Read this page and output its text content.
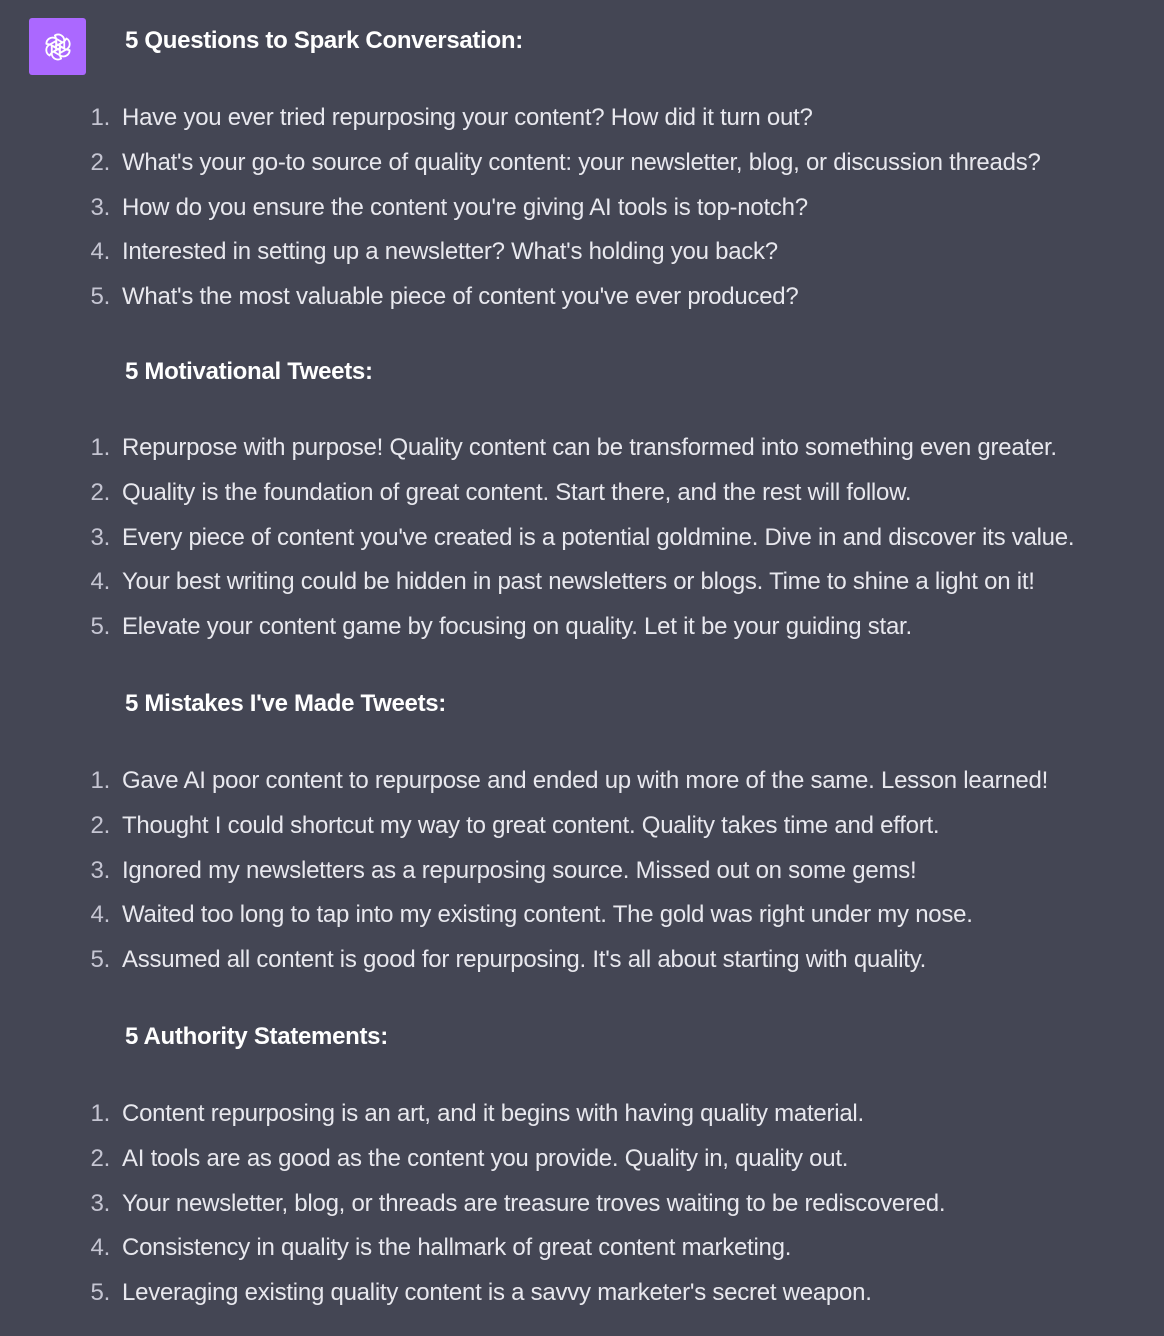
5 Questions to Spark Conversation:
1. Have you ever tried repurposing your content? How did it turn out?
2. What's your go-to source of quality content: your newsletter, blog, or discussion threads?
3. How do you ensure the content you're giving AI tools is top-notch?
4. Interested in setting up a newsletter? What's holding you back?
5. What's the most valuable piece of content you've ever produced?
5 Motivational Tweets:
1. Repurpose with purpose! Quality content can be transformed into something even greater.
2. Quality is the foundation of great content. Start there, and the rest will follow.
3. Every piece of content you've created is a potential goldmine. Dive in and discover its value.
4. Your best writing could be hidden in past newsletters or blogs. Time to shine a light on it!
5. Elevate your content game by focusing on quality. Let it be your guiding star.
5 Mistakes I've Made Tweets:
1. Gave AI poor content to repurpose and ended up with more of the same. Lesson learned!
2. Thought I could shortcut my way to great content. Quality takes time and effort.
3. Ignored my newsletters as a repurposing source. Missed out on some gems!
4. Waited too long to tap into my existing content. The gold was right under my nose.
5. Assumed all content is good for repurposing. It's all about starting with quality.
5 Authority Statements:
1. Content repurposing is an art, and it begins with having quality material.
2. AI tools are as good as the content you provide. Quality in, quality out.
3. Your newsletter, blog, or threads are treasure troves waiting to be rediscovered.
4. Consistency in quality is the hallmark of great content marketing.
5. Leveraging existing quality content is a savvy marketer's secret weapon.
